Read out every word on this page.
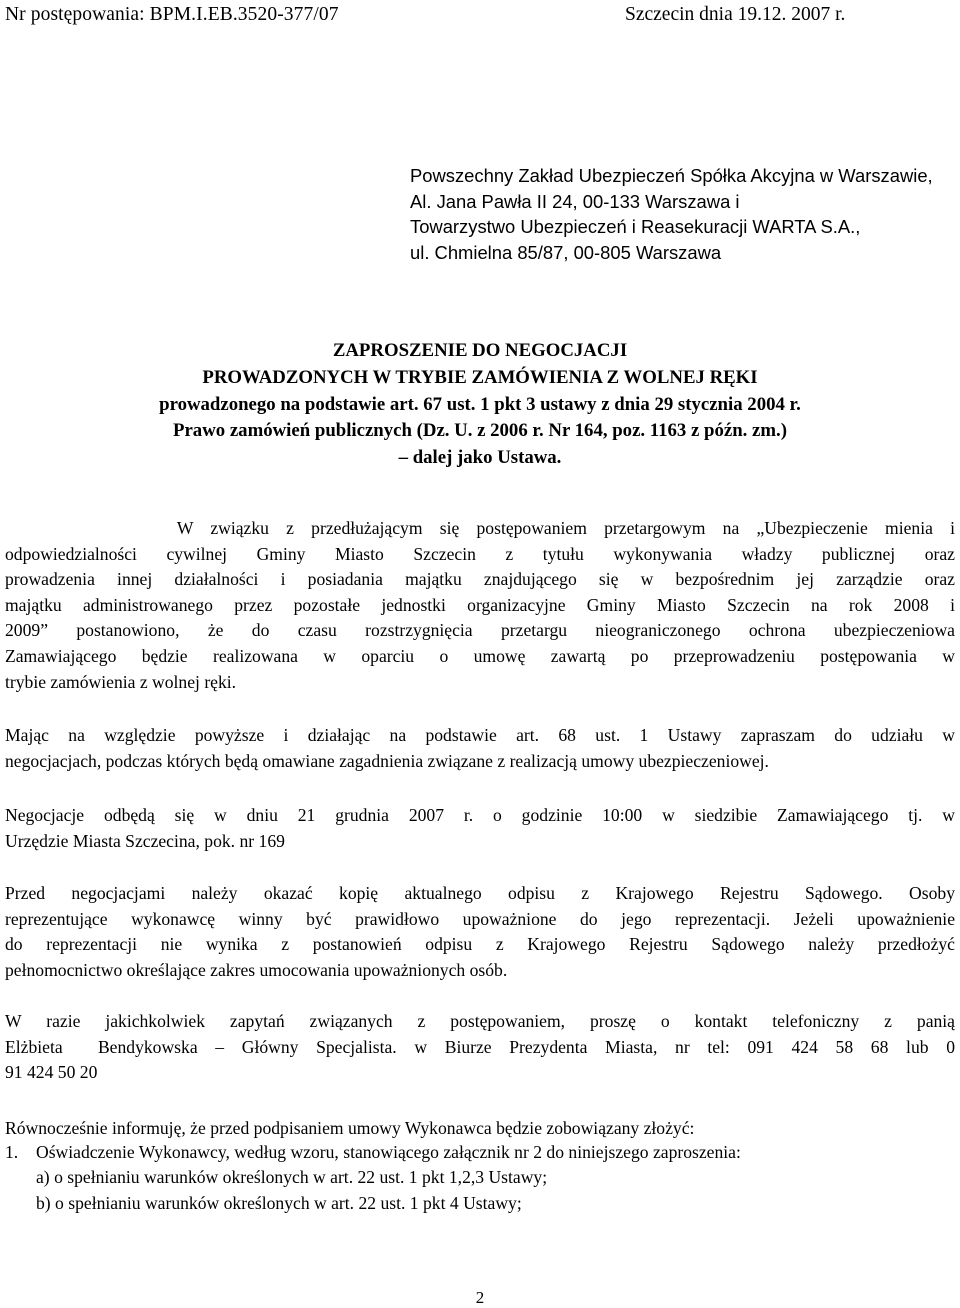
Nr postępowania: BPM.I.EB.3520-377/07	Szczecin dnia 19.12. 2007 r.
Powszechny Zakład Ubezpieczeń Spółka Akcyjna w Warszawie,
Al. Jana Pawła II 24, 00-133 Warszawa i
Towarzystwo Ubezpieczeń i Reasekuracji WARTA S.A.,
ul. Chmielna 85/87, 00-805 Warszawa
ZAPROSZENIE DO NEGOCJACJI
PROWADZONYCH W TRYBIE ZAMÓWIENIA Z WOLNEJ RĘKI
prowadzonego na podstawie art. 67 ust. 1 pkt 3 ustawy z dnia 29 stycznia 2004 r.
Prawo zamówień publicznych (Dz. U. z 2006 r. Nr 164, poz. 1163 z późn. zm.)
– dalej jako Ustawa.
W związku z przedłużającym się postępowaniem przetargowym na „Ubezpieczenie mienia i
odpowiedzialności cywilnej Gminy Miasto Szczecin z tytułu wykonywania władzy publicznej oraz
prowadzenia innej działalności i posiadania majątku znajdującego się w bezpośrednim jej zarządzie oraz
majątku administrowanego przez pozostałe jednostki organizacyjne Gminy Miasto Szczecin na rok 2008 i
2009” postanowiono, że do czasu rozstrzygnięcia przetargu nieograniczonego ochrona ubezpieczeniowa
Zamawiającego będzie realizowana w oparciu o umowę zawartą po przeprowadzeniu postępowania w
trybie zamówienia z wolnej ręki.
Mając na względzie powyższe i działając na podstawie art. 68 ust. 1 Ustawy zapraszam do udziału w
negocjacjach, podczas których będą omawiane zagadnienia związane z realizacją umowy ubezpieczeniowej.
Negocjacje odbędą się w dniu 21 grudnia 2007 r. o godzinie 10:00 w siedzibie Zamawiającego tj. w
Urzędzie Miasta Szczecina, pok. nr 169
Przed negocjacjami należy okazać kopię aktualnego odpisu z Krajowego Rejestru Sądowego. Osoby
reprezentujące wykonawcę winny być prawidłowo upoważnione do jego reprezentacji. Jeżeli upoważnienie
do reprezentacji nie wynika z postanowień odpisu z Krajowego Rejestru Sądowego należy przedłożyć
pełnomocnictwo określające zakres umocowania upoważnionych osób.
W razie jakichkolwiek zapytań związanych z postępowaniem, proszę o kontakt telefoniczny z panią
Elżbieta  Bendykowska – Główny Specjalista. w Biurze Prezydenta Miasta, nr tel: 091 424 58 68 lub 0
91 424 50 20
Równocześnie informuję, że przed podpisaniem umowy Wykonawca będzie zobowiązany złożyć:
1. Oświadczenie Wykonawcy, według wzoru, stanowiącego załącznik nr 2 do niniejszego zaproszenia:
a) o spełnianiu warunków określonych w art. 22 ust. 1 pkt 1,2,3 Ustawy;
b) o spełnianiu warunków określonych w art. 22 ust. 1 pkt 4 Ustawy;
2
